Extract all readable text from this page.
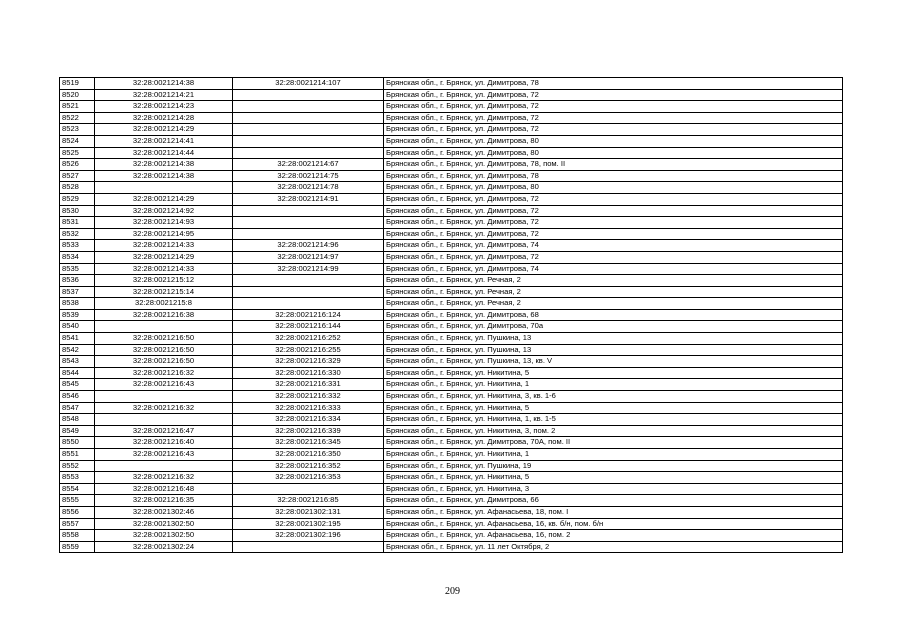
8519	32:28:0021214:38	32:28:0021214:107	Брянская обл., г. Брянск, ул. Димитрова, 78
8520	32:28:0021214:21		Брянская обл., г. Брянск, ул. Димитрова, 72
8521	32:28:0021214:23		Брянская обл., г. Брянск, ул. Димитрова, 72
8522	32:28:0021214:28		Брянская обл., г. Брянск, ул. Димитрова, 72
8523	32:28:0021214:29		Брянская обл., г. Брянск, ул. Димитрова, 72
8524	32:28:0021214:41		Брянская обл., г. Брянск, ул. Димитрова, 80
8525	32:28:0021214:44		Брянская обл., г. Брянск, ул. Димитрова, 80
8526	32:28:0021214:38	32:28:0021214:67	Брянская обл., г. Брянск, ул. Димитрова, 78, пом. II
8527	32:28:0021214:38	32:28:0021214:75	Брянская обл., г. Брянск, ул. Димитрова, 78
8528		32:28:0021214:78	Брянская обл., г. Брянск, ул. Димитрова, 80
8529	32:28:0021214:29	32:28:0021214:91	Брянская обл., г. Брянск, ул. Димитрова, 72
8530	32:28:0021214:92		Брянская обл., г. Брянск, ул. Димитрова, 72
8531	32:28:0021214:93		Брянская обл., г. Брянск, ул. Димитрова, 72
8532	32:28:0021214:95		Брянская обл., г. Брянск, ул. Димитрова, 72
8533	32:28:0021214:33	32:28:0021214:96	Брянская обл., г. Брянск, ул. Димитрова, 74
8534	32:28:0021214:29	32:28:0021214:97	Брянская обл., г. Брянск, ул. Димитрова, 72
8535	32:28:0021214:33	32:28:0021214:99	Брянская обл., г. Брянск, ул. Димитрова, 74
8536	32:28:0021215:12		Брянская обл., г. Брянск, ул. Речная, 2
8537	32:28:0021215:14		Брянская обл., г. Брянск, ул. Речная, 2
8538	32:28:0021215:8		Брянская обл., г. Брянск, ул. Речная, 2
8539	32:28:0021216:38	32:28:0021216:124	Брянская обл., г. Брянск, ул. Димитрова, 68
8540		32:28:0021216:144	Брянская обл., г. Брянск, ул. Димитрова, 70а
8541	32:28:0021216:50	32:28:0021216:252	Брянская обл., г. Брянск, ул. Пушкина, 13
8542	32:28:0021216:50	32:28:0021216:255	Брянская обл., г. Брянск, ул. Пушкина, 13
8543	32:28:0021216:50	32:28:0021216:329	Брянская обл., г. Брянск, ул. Пушкина, 13, кв. V
8544	32:28:0021216:32	32:28:0021216:330	Брянская обл., г. Брянск, ул. Никитина, 5
8545	32:28:0021216:43	32:28:0021216:331	Брянская обл., г. Брянск, ул. Никитина, 1
8546		32:28:0021216:332	Брянская обл., г. Брянск, ул. Никитина, 3, кв. 1-6
8547	32:28:0021216:32	32:28:0021216:333	Брянская обл., г. Брянск, ул. Никитина, 5
8548		32:28:0021216:334	Брянская обл., г. Брянск, ул. Никитина, 1, кв. 1-5
8549	32:28:0021216:47	32:28:0021216:339	Брянская обл., г. Брянск, ул. Никитина, 3, пом. 2
8550	32:28:0021216:40	32:28:0021216:345	Брянская обл., г. Брянск, ул. Димитрова, 70А, пом. II
8551	32:28:0021216:43	32:28:0021216:350	Брянская обл., г. Брянск, ул. Никитина, 1
8552		32:28:0021216:352	Брянская обл., г. Брянск, ул. Пушкина, 19
8553	32:28:0021216:32	32:28:0021216:353	Брянская обл., г. Брянск, ул. Никитина, 5
8554	32:28:0021216:48		Брянская обл., г. Брянск, ул. Никитина, 3
8555	32:28:0021216:35	32:28:0021216:85	Брянская обл., г. Брянск, ул. Димитрова, 66
8556	32:28:0021302:46	32:28:0021302:131	Брянская обл., г. Брянск, ул. Афанасьева, 18, пом. I
8557	32:28:0021302:50	32:28:0021302:195	Брянская обл., г. Брянск, ул. Афанасьева, 16, кв. б/н, пом. б/н
8558	32:28:0021302:50	32:28:0021302:196	Брянская обл., г. Брянск, ул. Афанасьева, 16, пом. 2
8559	32:28:0021302:24		Брянская обл., г. Брянск, ул. 11 лет Октября, 2
209
